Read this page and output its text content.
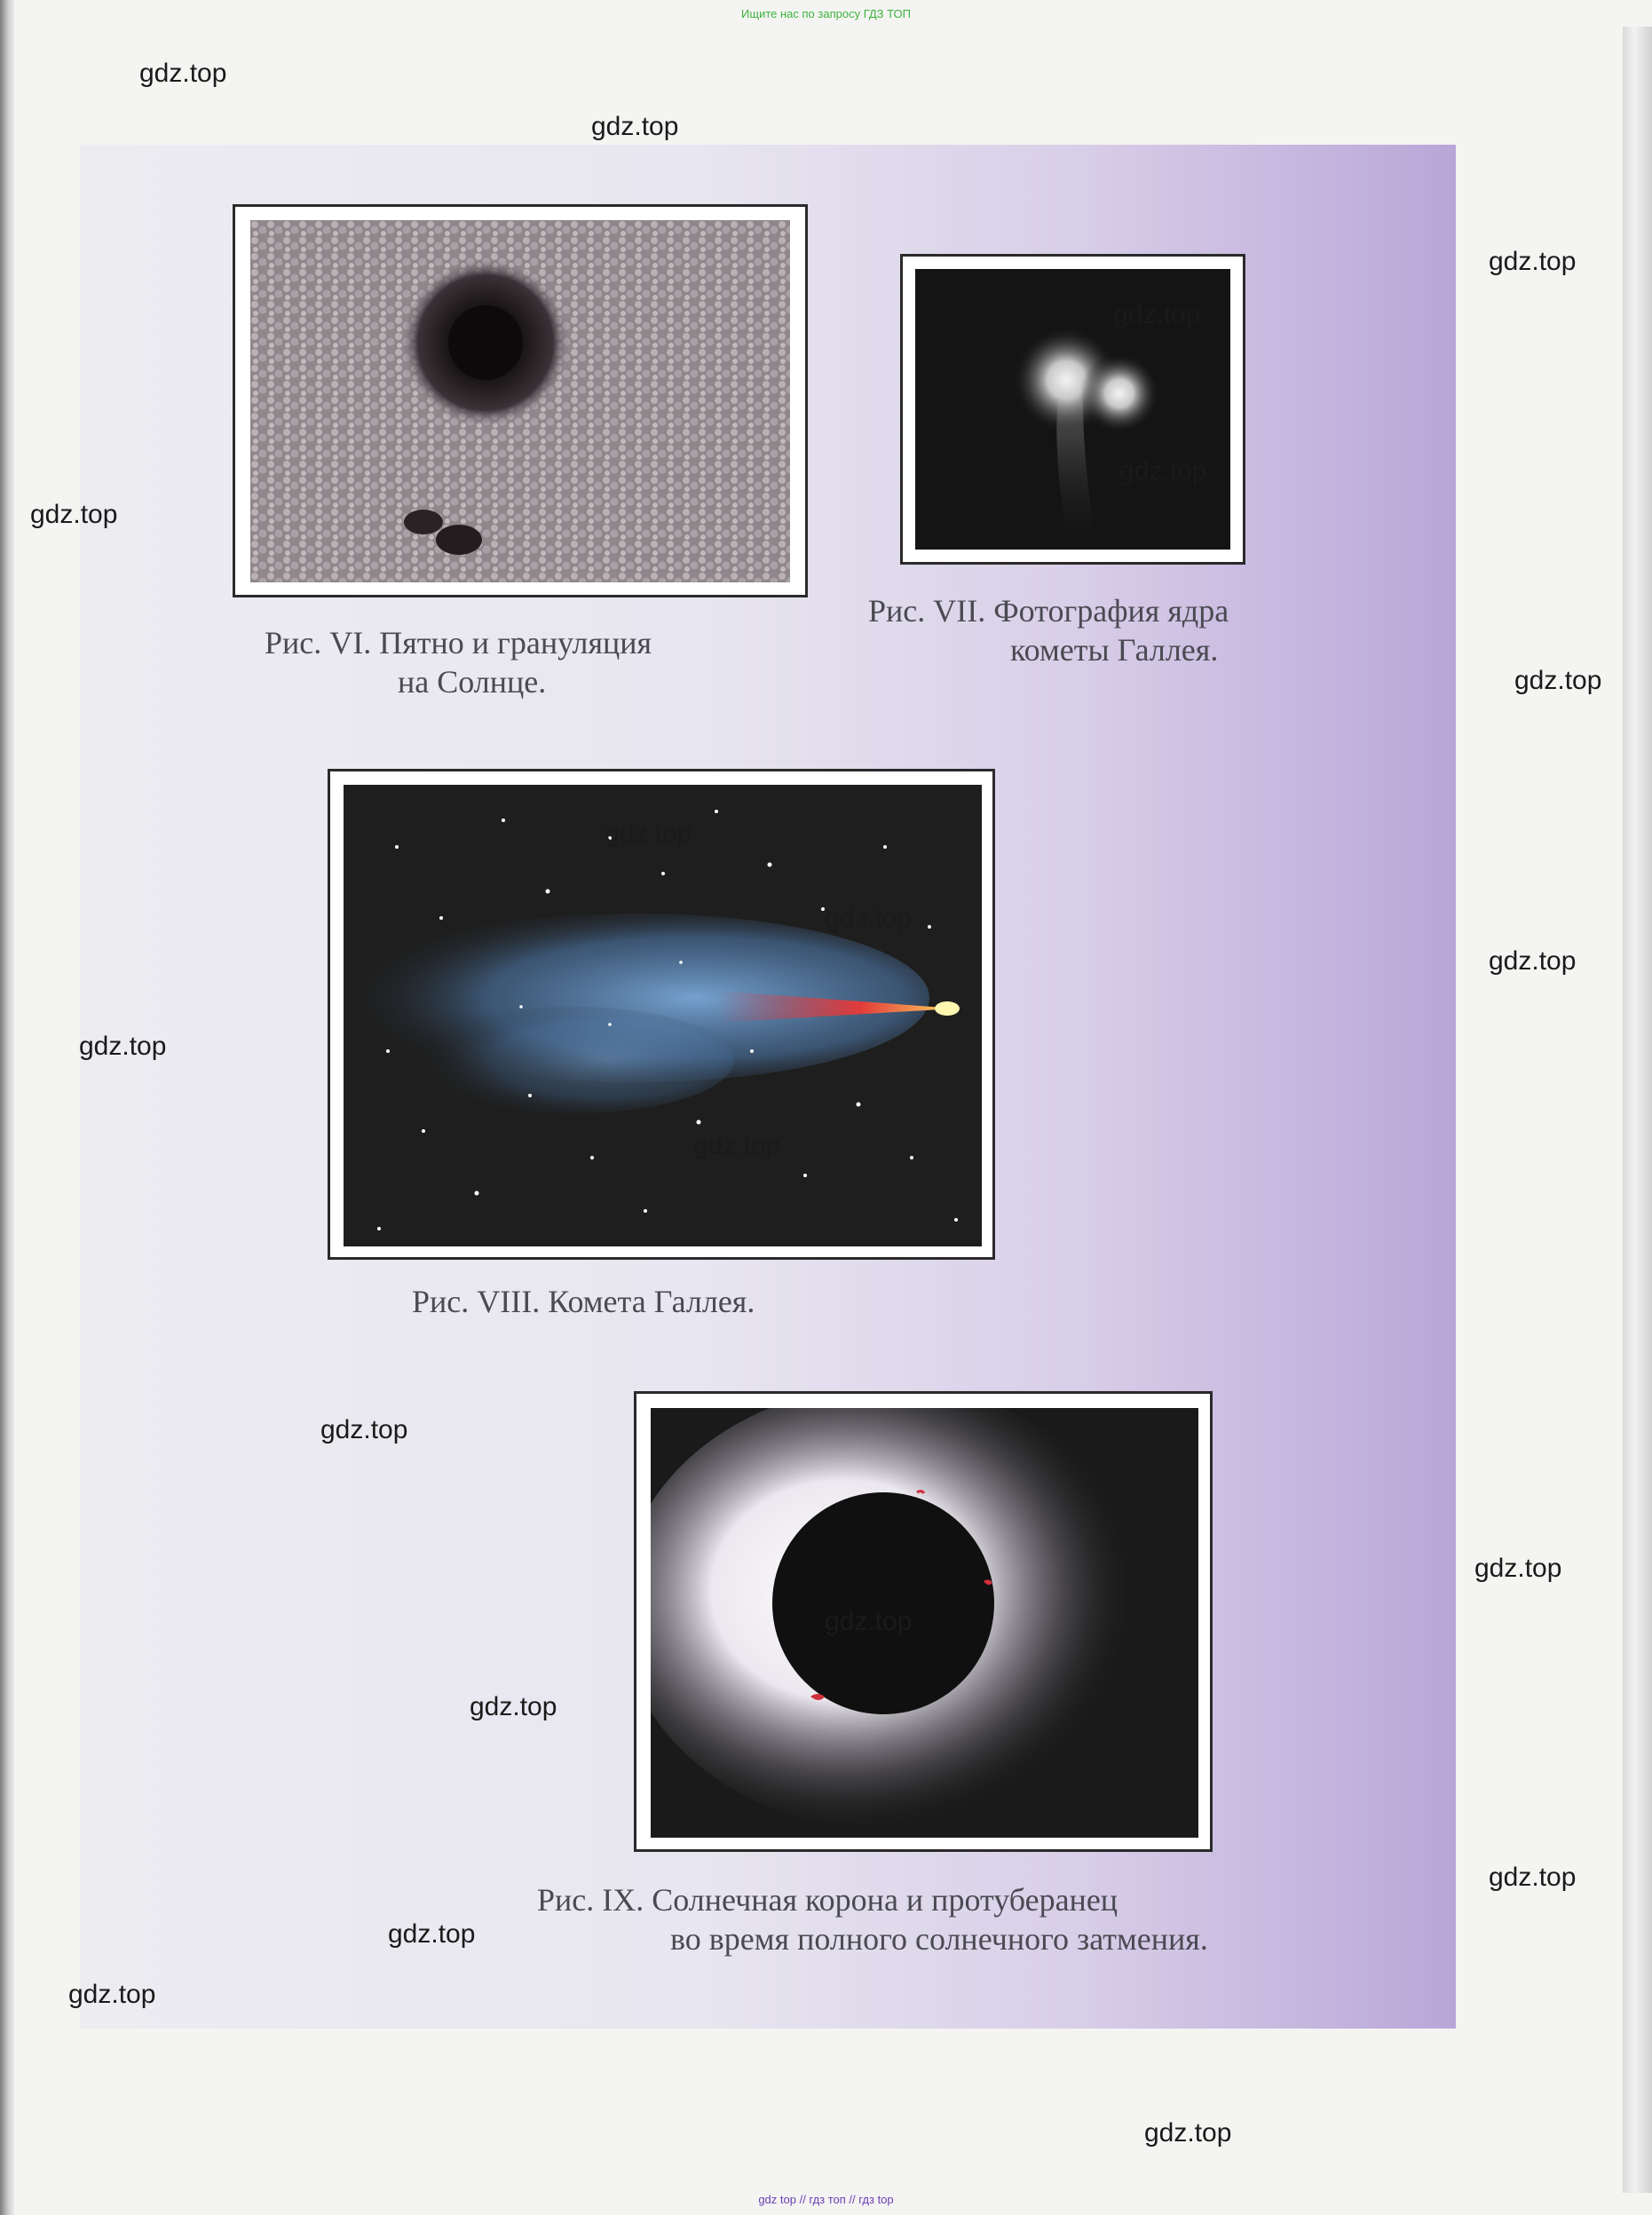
Ищите нас по запросу ГДЗ ТОП
Рис. VI. Пятно и грануляция
на Солнце.
Рис. VII. Фотография ядра
кометы Галлея.
Рис. VIII. Комета Галлея.
Рис. IX. Солнечная корона и протуберанец
во время полного солнечного затмения.
gdz.top
gdz.top
gdz.top
gdz.top
gdz.top
gdz.top
gdz.top
gdz.top
gdz.top
gdz.top
gdz.top
gdz.top
gdz.top
gdz.top
gdz.top
gdz.top
gdz.top
gdz.top
gdz.top
gdz.top
gdz top // гдз топ // гдз top
